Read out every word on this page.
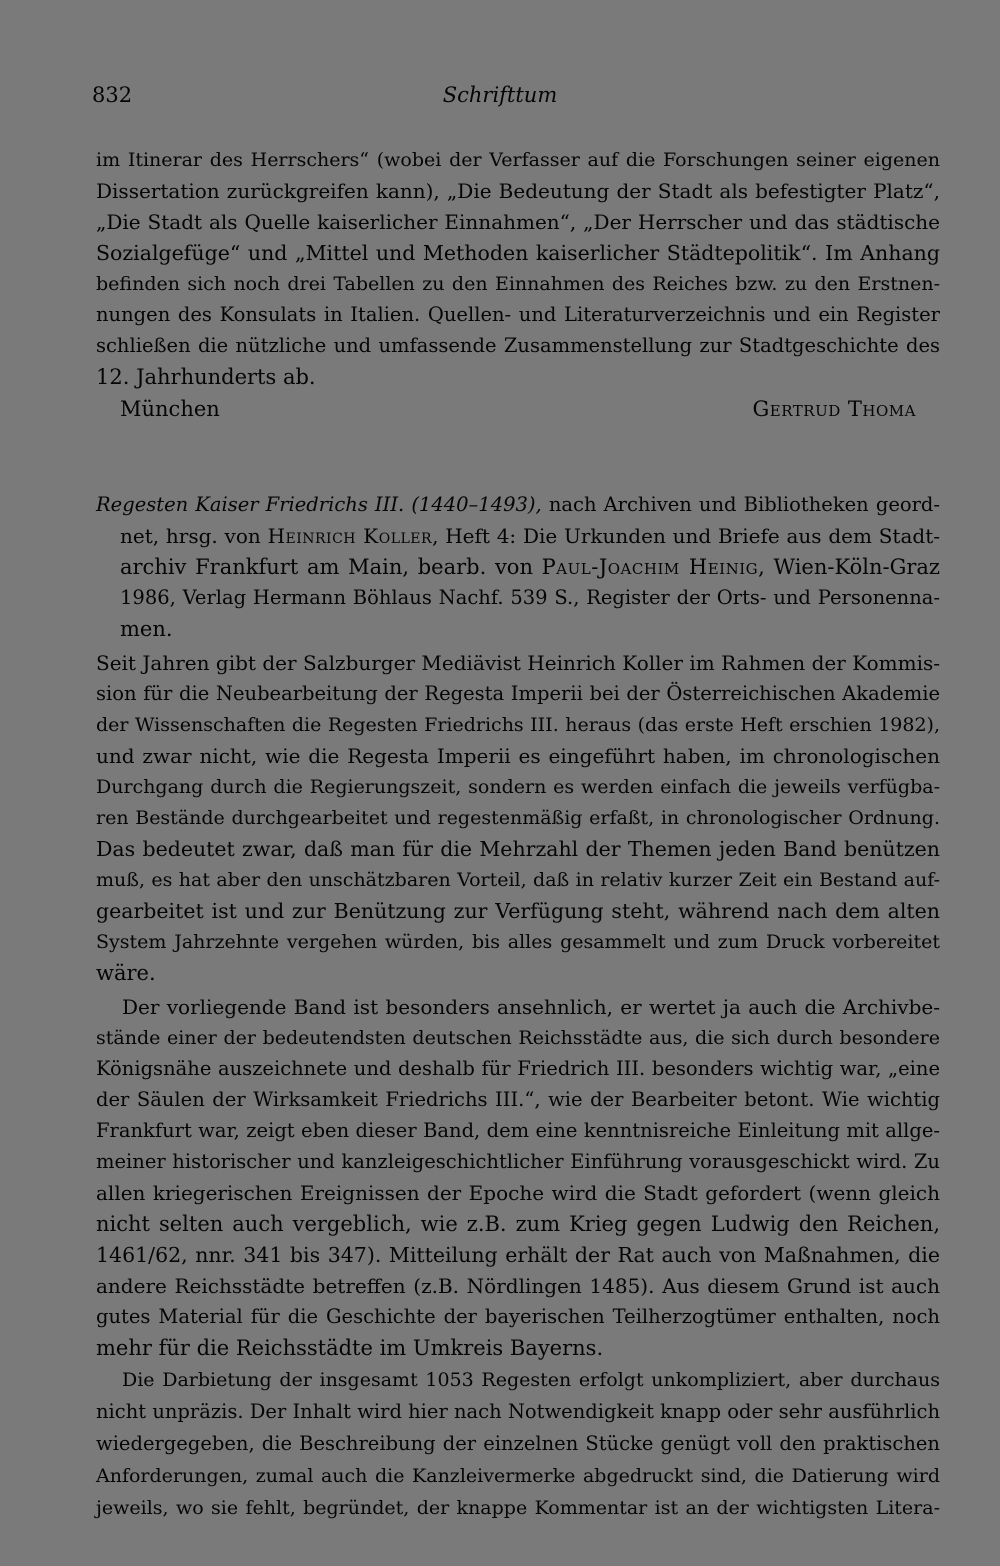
832	Schrifttum
im Itinerar des Herrschers“ (wobei der Verfasser auf die Forschungen seiner eigenen
Dissertation zurückgreifen kann), „Die Bedeutung der Stadt als befestigter Platz“,
„Die Stadt als Quelle kaiserlicher Einnahmen“, „Der Herrscher und das städtische
Sozialgefüge“ und „Mittel und Methoden kaiserlicher Städtepolitik“. Im Anhang
befinden sich noch drei Tabellen zu den Einnahmen des Reiches bzw. zu den Erstnen-
nungen des Konsulats in Italien. Quellen- und Literaturverzeichnis und ein Register
schließen die nützliche und umfassende Zusammenstellung zur Stadtgeschichte des
12. Jahrhunderts ab.
München	Gertrud Thoma
Regesten Kaiser Friedrichs III. (1440–1493), nach Archiven und Bibliotheken geord-
net, hrsg. von Heinrich Koller, Heft 4: Die Urkunden und Briefe aus dem Stadt-
archiv Frankfurt am Main, bearb. von Paul-Joachim Heinig, Wien-Köln-Graz
1986, Verlag Hermann Böhlaus Nachf. 539 S., Register der Orts- und Personenna-
men.
Seit Jahren gibt der Salzburger Mediävist Heinrich Koller im Rahmen der Kommis-
sion für die Neubearbeitung der Regesta Imperii bei der Österreichischen Akademie
der Wissenschaften die Regesten Friedrichs III. heraus (das erste Heft erschien 1982),
und zwar nicht, wie die Regesta Imperii es eingeführt haben, im chronologischen
Durchgang durch die Regierungszeit, sondern es werden einfach die jeweils verfügba-
ren Bestände durchgearbeitet und regestenmäßig erfaßt, in chronologischer Ordnung.
Das bedeutet zwar, daß man für die Mehrzahl der Themen jeden Band benützen
muß, es hat aber den unschätzbaren Vorteil, daß in relativ kurzer Zeit ein Bestand auf-
gearbeitet ist und zur Benützung zur Verfügung steht, während nach dem alten
System Jahrzehnte vergehen würden, bis alles gesammelt und zum Druck vorbereitet
wäre.
Der vorliegende Band ist besonders ansehnlich, er wertet ja auch die Archivbe-
stände einer der bedeutendsten deutschen Reichsstädte aus, die sich durch besondere
Königsnähe auszeichnete und deshalb für Friedrich III. besonders wichtig war, „eine
der Säulen der Wirksamkeit Friedrichs III.“, wie der Bearbeiter betont. Wie wichtig
Frankfurt war, zeigt eben dieser Band, dem eine kenntnisreiche Einleitung mit allge-
meiner historischer und kanzleigeschichtlicher Einführung vorausgeschickt wird. Zu
allen kriegerischen Ereignissen der Epoche wird die Stadt gefordert (wenn gleich
nicht selten auch vergeblich, wie z.B. zum Krieg gegen Ludwig den Reichen,
1461/62, nnr. 341 bis 347). Mitteilung erhält der Rat auch von Maßnahmen, die
andere Reichsstädte betreffen (z.B. Nördlingen 1485). Aus diesem Grund ist auch
gutes Material für die Geschichte der bayerischen Teilherzogtümer enthalten, noch
mehr für die Reichsstädte im Umkreis Bayerns.
Die Darbietung der insgesamt 1053 Regesten erfolgt unkompliziert, aber durchaus
nicht unpräzis. Der Inhalt wird hier nach Notwendigkeit knapp oder sehr ausführlich
wiedergegeben, die Beschreibung der einzelnen Stücke genügt voll den praktischen
Anforderungen, zumal auch die Kanzleivermerke abgedruckt sind, die Datierung wird
jeweils, wo sie fehlt, begründet, der knappe Kommentar ist an der wichtigsten Litera-
